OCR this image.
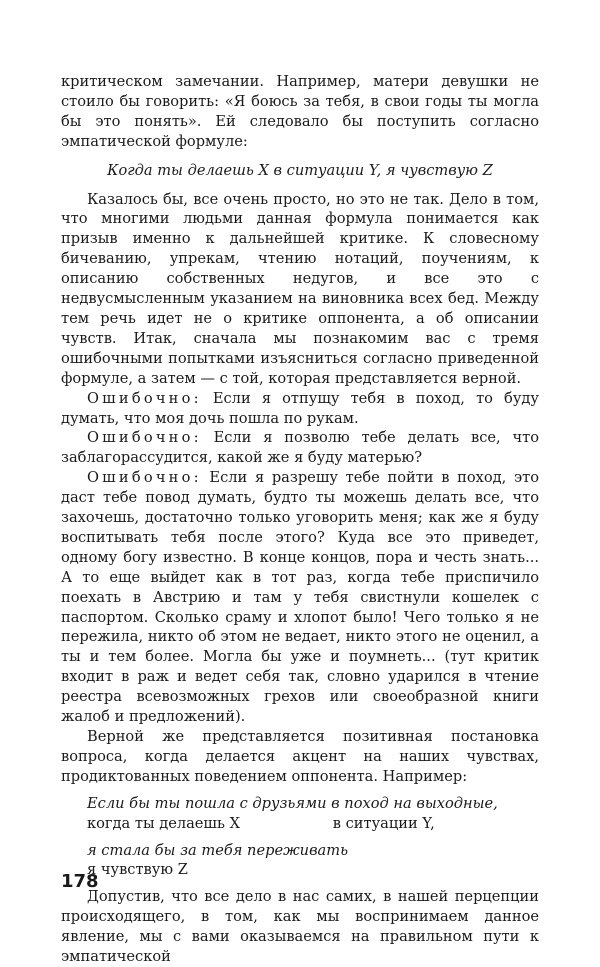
критическом замечании. Например, матери девушки не стоило бы говорить: «Я боюсь за тебя, в свои годы ты могла бы это понять». Ей следовало бы поступить согласно эмпатической формуле:

Когда ты делаешь X в ситуации Y, я чувствую Z

Казалось бы, все очень просто, но это не так. Дело в том, что многими людьми данная формула понимается как призыв именно к дальнейшей критике. К словесному бичеванию, упрекам, чтению нотаций, поучениям, к описанию собственных недугов, и все это с недвусмысленным указанием на виновника всех бед. Между тем речь идет не о критике оппонента, а об описании чувств. Итак, сначала мы познакомим вас с тремя ошибочными попытками изъясниться согласно приведенной формуле, а затем — с той, которая представляется верной.

Ошибочно: Если я отпущу тебя в поход, то буду думать, что моя дочь пошла по рукам.

Ошибочно: Если я позволю тебе делать все, что заблагорассудится, какой же я буду матерью?

Ошибочно: Если я разрешу тебе пойти в поход, это даст тебе повод думать, будто ты можешь делать все, что захочешь, достаточно только уговорить меня; как же я буду воспитывать тебя после этого? Куда все это приведет, одному богу известно. В конце концов, пора и честь знать... А то еще выйдет как в тот раз, когда тебе приспичило поехать в Австрию и там у тебя свистнули кошелек с паспортом. Сколько сраму и хлопот было! Чего только я не пережила, никто об этом не ведает, никто этого не оценил, а ты и тем более. Могла бы уже и поумнеть... (тут критик входит в раж и ведет себя так, словно ударился в чтение реестра всевозможных грехов или своеобразной книги жалоб и предложений).

Верной же представляется позитивная постановка вопроса, когда делается акцент на наших чувствах, продиктованных поведением оппонента. Например:

Если бы ты пошла с друзьями в поход на выходные,
когда ты делаешь X                    в ситуации Y,
я стала бы за тебя переживать
я чувствую Z

Допустив, что все дело в нас самих, в нашей перцепции происходящего, в том, как мы воспринимаем данное явление, мы с вами оказываемся на правильном пути к эмпатической

178
